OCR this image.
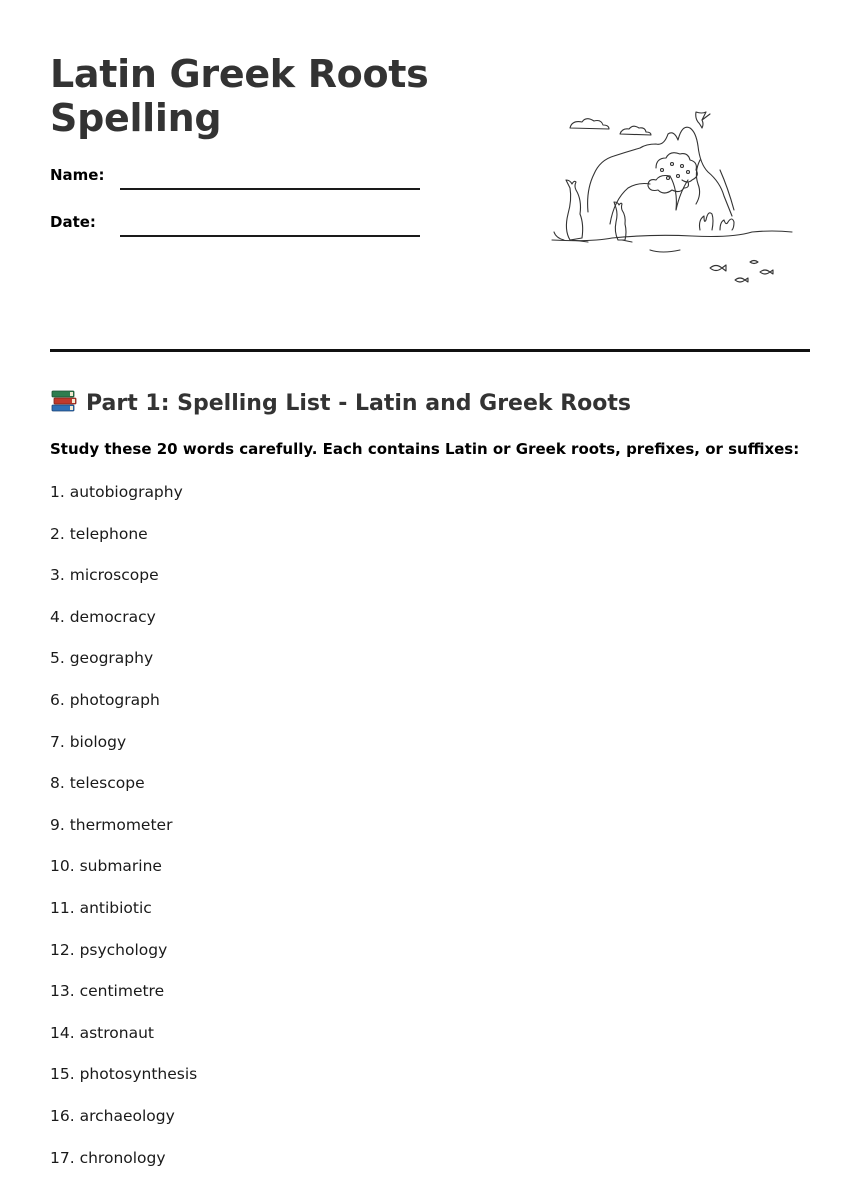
Latin Greek Roots Spelling
Name:
Date:
Part 1: Spelling List - Latin and Greek Roots
Study these 20 words carefully. Each contains Latin or Greek roots, prefixes, or suffixes:
1. autobiography
2. telephone
3. microscope
4. democracy
5. geography
6. photograph
7. biology
8. telescope
9. thermometer
10. submarine
11. antibiotic
12. psychology
13. centimetre
14. astronaut
15. photosynthesis
16. archaeology
17. chronology
